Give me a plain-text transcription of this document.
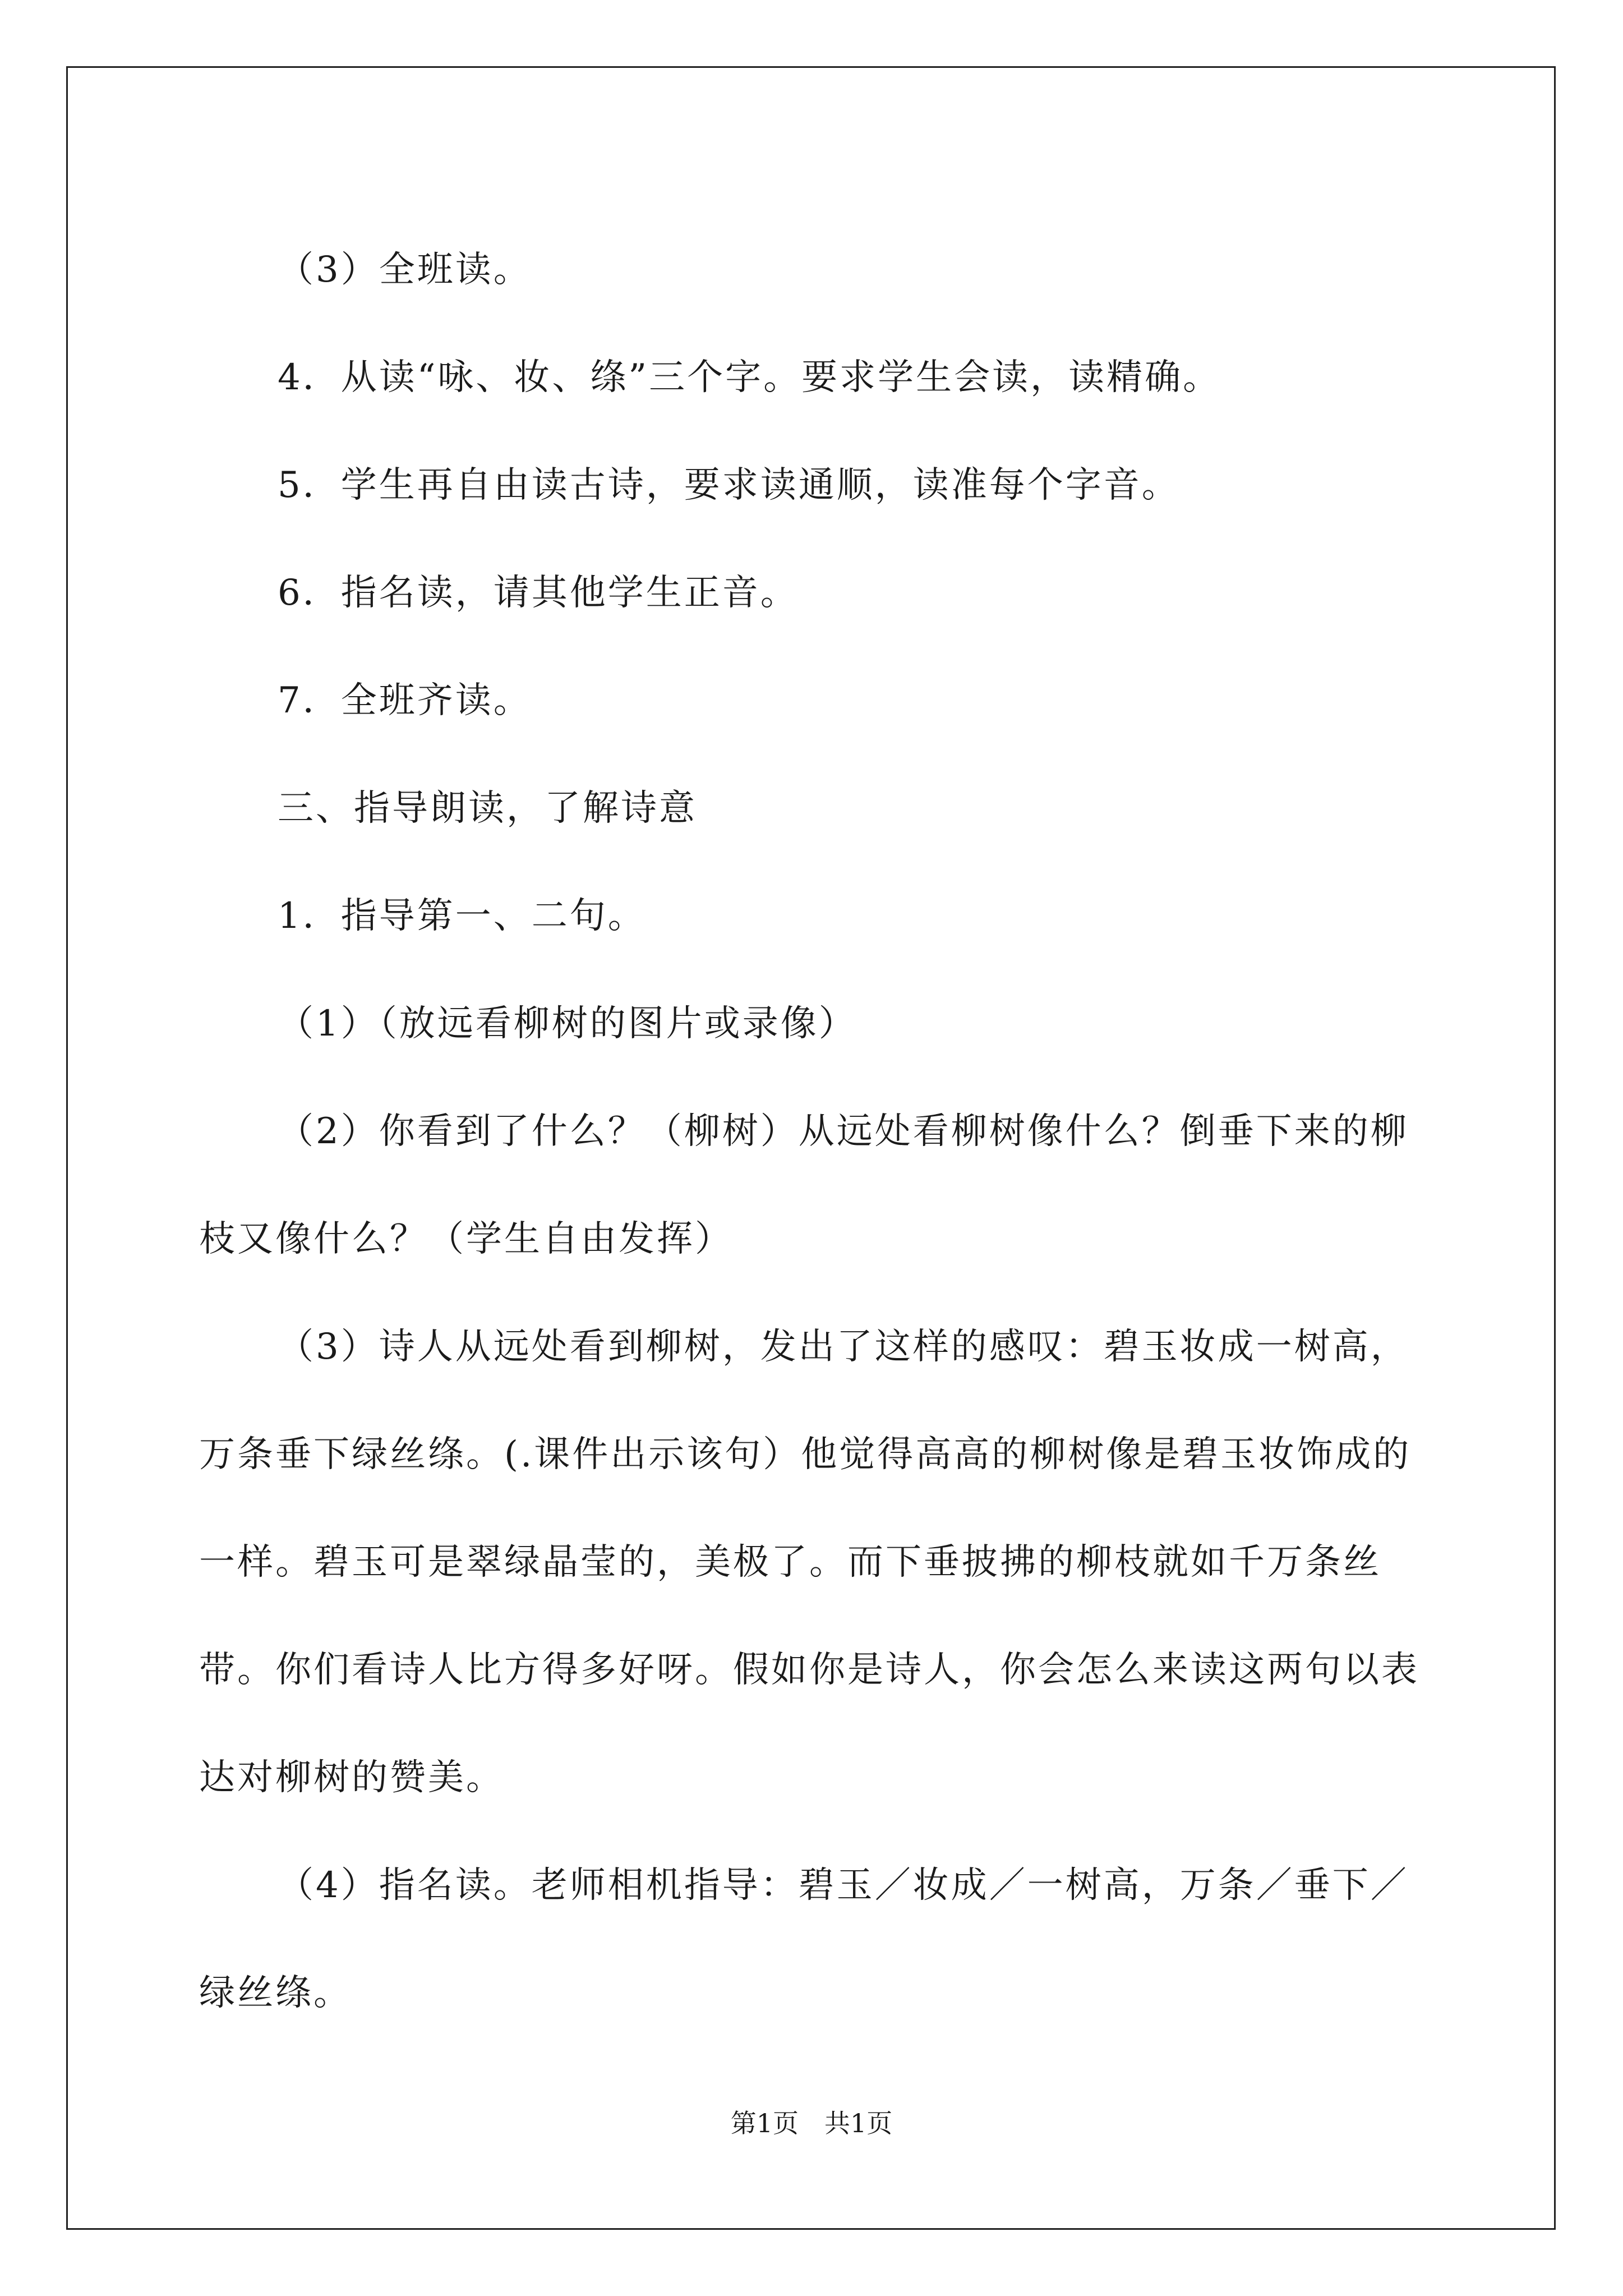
（3）全班读。

4．从读“咏、妆、绦”三个字。要求学生会读，读精确。

5．学生再自由读古诗，要求读通顺，读准每个字音。

6．指名读，请其他学生正音。

7．全班齐读。

三、指导朗读，了解诗意

1．指导第一、二句。

（1）（放远看柳树的图片或录像）

（2）你看到了什么？（柳树）从远处看柳树像什么？倒垂下来的柳枝又像什么？（学生自由发挥）

（3）诗人从远处看到柳树，发出了这样的感叹：碧玉妆成一树高，万条垂下绿丝绦。(.课件出示该句）他觉得高高的柳树像是碧玉妆饰成的一样。碧玉可是翠绿晶莹的，美极了。而下垂披拂的柳枝就如千万条丝带。你们看诗人比方得多好呀。假如你是诗人，你会怎么来读这两句以表达对柳树的赞美。

（4）指名读。老师相机指导：碧玉／妆成／一树高，万条／垂下／绿丝绦。

第1页　共1页
